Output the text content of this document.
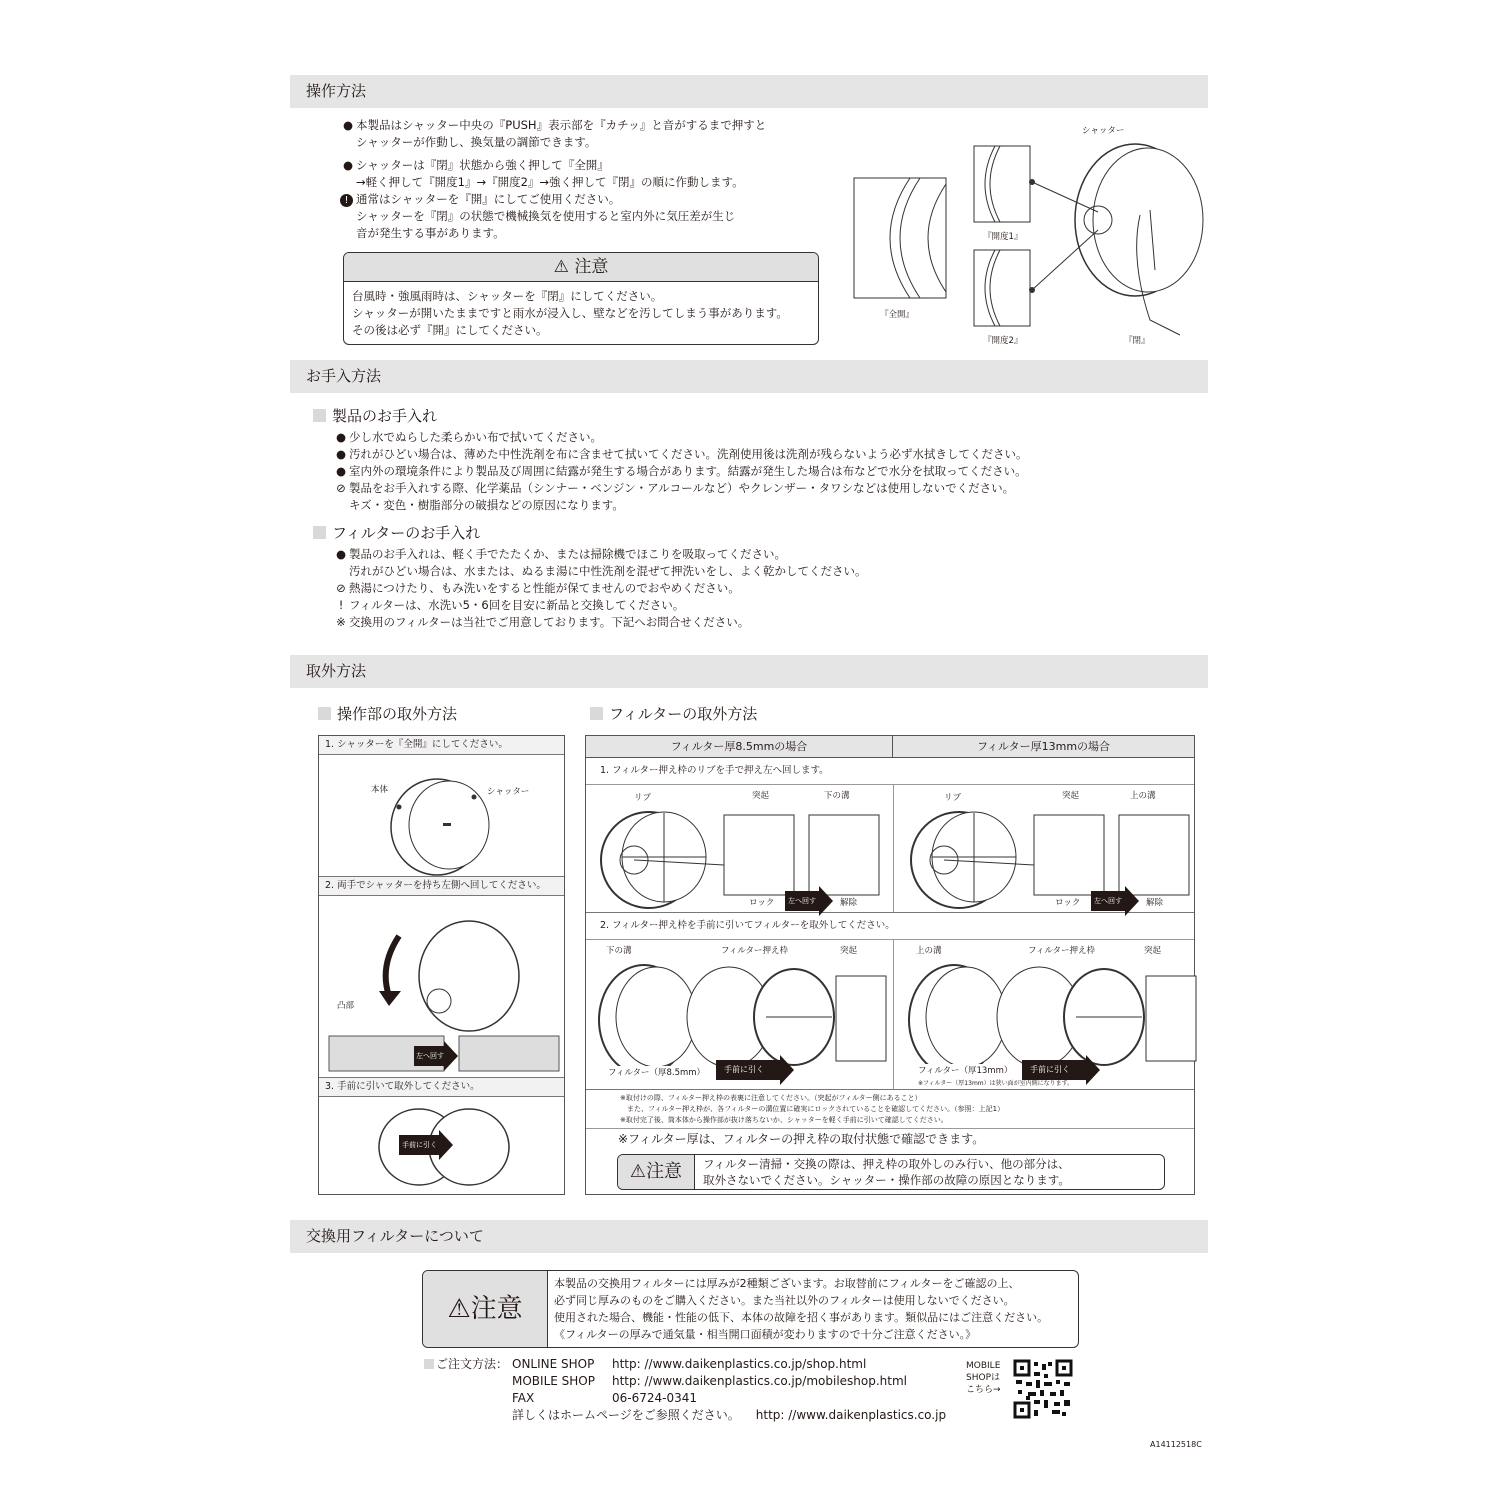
操作方法
● 本製品はシャッター中央の『PUSH』表示部を『カチッ』と音がするまで押すと
シャッターが作動し、換気量の調節できます。
● シャッターは『閉』状態から強く押して『全開』
→軽く押して『開度1』→『開度2』→強く押して『閉』の順に作動します。
! 通常はシャッターを『開』にしてご使用ください。
シャッターを『閉』の状態で機械換気を使用すると室内外に気圧差が生じ
音が発生する事があります。
⚠ 注意
台風時・強風雨時は、シャッターを『閉』にしてください。
シャッターが開いたままですと雨水が浸入し、壁などを汚してしまう事があります。
その後は必ず『開』にしてください。
シャッター
『全開』
『開度1』
『開度2』	『閉』
お手入方法
製品のお手入れ
● 少し水でぬらした柔らかい布で拭いてください。
● 汚れがひどい場合は、薄めた中性洗剤を布に含ませて拭いてください。洗剤使用後は洗剤が残らないよう必ず水拭きしてください。
● 室内外の環境条件により製品及び周囲に結露が発生する場合があります。結露が発生した場合は布などで水分を拭取ってください。
⊘ 製品をお手入れする際、化学薬品（シンナー・ベンジン・アルコールなど）やクレンザー・タワシなどは使用しないでください。
キズ・変色・樹脂部分の破損などの原因になります。
フィルターのお手入れ
● 製品のお手入れは、軽く手でたたくか、または掃除機でほこりを吸取ってください。
汚れがひどい場合は、水または、ぬるま湯に中性洗剤を混ぜて押洗いをし、よく乾かしてください。
⊘ 熱湯につけたり、もみ洗いをすると性能が保てませんのでおやめください。
! フィルターは、水洗い5・6回を目安に新品と交換してください。
※ 交換用のフィルターは当社でご用意しております。下記へお問合せください。
取外方法
操作部の取外方法	フィルターの取外方法
1. シャッターを『全開』にしてください。
本体	シャッター
2. 両手でシャッターを持ち左側へ回してください。
凸部
左へ回す
3. 手前に引いて取外してください。
手前に引く
フィルター厚8.5mmの場合	フィルター厚13mmの場合
1. フィルター押え枠のリブを手で押え左へ回します。
リブ	突起	下の溝	リブ	突起	上の溝
ロック	左へ回す	解除	ロック	左へ回す	解除
2. フィルター押え枠を手前に引いてフィルターを取外してください。
下の溝	フィルター押え枠	突起	上の溝	フィルター押え枠	突起
フィルター（厚8.5mm）	手前に引く	フィルター（厚13mm）
※フィルター（厚13mm）は狭い面が室内側になります。
手前に引く
※取付けの際、フィルター押え枠の表裏に注意してください。（突起がフィルター側にあること）
　また、フィルター押え枠が、各フィルターの溝位置に確実にロックされていることを確認してください。（参照：上記1）
※取付完了後、筒本体から操作部が抜け落ちないか、シャッターを軽く手前に引いて確認してください。
※フィルター厚は、フィルターの押え枠の取付状態で確認できます。
⚠注意	フィルター清掃・交換の際は、押え枠の取外しのみ行い、他の部分は、
取外さないでください。シャッター・操作部の故障の原因となります。
交換用フィルターについて
⚠注意
本製品の交換用フィルターには厚みが2種類ございます。お取替前にフィルターをご確認の上、
必ず同じ厚みのものをご購入ください。また当社以外のフィルターは使用しないでください。
使用された場合、機能・性能の低下、本体の故障を招く事があります。類似品にはご注意ください。
《フィルターの厚みで通気量・相当開口面積が変わりますので十分ご注意ください。》
ご注文方法： ONLINE SHOP	http: //www.daikenplastics.co.jp/shop.html
MOBILE SHOP	http: //www.daikenplastics.co.jp/mobileshop.html
FAX	06-6724-0341
詳しくはホームページをご参照ください。 http: //www.daikenplastics.co.jp
MOBILE
SHOPは
こちら→
A14112518C
